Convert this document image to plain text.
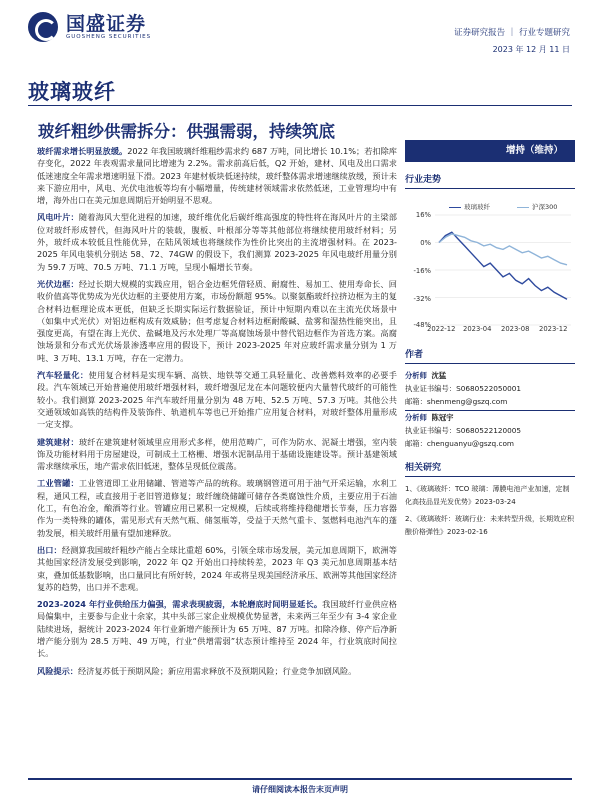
国盛证券
GUOSHENG SECURITIES	证券研究报告 ｜ 行业专题研究
2023 年 12 月 11 日
玻璃玻纤
玻纤粗纱供需拆分：供强需弱，持续筑底

玻纤需求增长明显放缓。2022 年我国玻璃纤维粗纱需求约 687 万吨，同比增长 10.1%；若扣除库存变化，2022 年表观需求量同比增速为 2.2%。需求前高后低，Q2 开始，建材、风电及出口需求低迷速度全年需求增速明显下滑。2023 年建材板块低迷持续，玻纤整体需求增速继续放缓，预计未来下游应用中，风电、光伏电池板等均有小幅增量，传统建材领域需求依然低迷，工业管理均中有增，海外出口在美元加息周期后开始明显不思观。

风电叶片：随着海风大型化进程的加速，玻纤维优化后碳纤维高强度的特性将在海风叶片的主梁部位对玻纤形成替代，但海风叶片的装载，腹板、叶根部分等等其他部位将继续使用玻纤材料；另外，玻纤成本较低且性能优异，在陆风领域也将继续作为性价比突出的主流增强材料。在 2023-2025 年风电装机分别达 58、72、74GW 的假设下，我们测算 2023-2025 年风电玻纤用量分别为 59.7 万吨、70.5 万吨、71.1 万吨，呈现小幅增长节奏。

光伏边框：经过长期大规模的实践应用，铝合金边框凭借轻质、耐腐性、易加工、使用寿命长、回收价值高等优势成为光伏边框的主要使用方案，市场份额超 95%。以聚氨酯玻纤拉挤边框为主的复合材料边框理论成本更低，但缺乏长期实际运行数据验证，预计中短期内难以在主流光伏场景中（如集中式光伏）对铝边框构成有效威胁；但考虑复合材料边框耐酸碱、盐雾和湿热性能突出，且强度更高，有望在海上光伏、盐碱地及污水处理厂等高腐蚀场景中替代铝边框作为首选方案。高腐蚀场景和分布式光伏场景渗透率应用的假设下，预计 2023-2025 年对应玻纤需求量分别为 1 万吨、3 万吨、13.1 万吨，存在一定潜力。

汽车轻量化：使用复合材料是实现车辆、高铁、地铁等交通工具轻量化、改善燃料效率的必要手段。汽车领域已开始普遍使用玻纤增强材料，玻纤增强尼龙在本问题较便内大量替代玻纤的可能性较小。我们测算 2023-2025 年汽车玻纤用量分别为 48 万吨、52.5 万吨、57.3 万吨。其他公共交通领域如高铁的结构件及装饰件、轨道机车等也已开始推广应用复合材料，对玻纤整体用量形成一定支撑。

建筑建材：玻纤在建筑建材领域里应用形式多样，使用范畴广，可作为防水、泥凝土增强，室内装饰及功能材料用于房屋建设，可制成土工格栅、增强水泥制品用于基础设施建设等。预计基建领域需求继续承压，地产需求依旧低迷，整体呈现低位震荡。

工业管罐：工业管道即工业用储罐、管道等产品的统称。玻璃钢管道可用于油气开采运输，水利工程，通风工程，或直接用于老旧管道修复；玻纤缠绕储罐可储存各类腐蚀性介质，主要应用于石油化工，有色冶金，酿酒等行业。管罐应用已累积一定规模，后续或将维持稳健增长节奏，压力容器作为一类特殊的罐体，需见形式有天然气瓶、储氢瓶等，受益于天然气重卡、氢燃料电池汽车的蓬勃发展，相关玻纤用量有望加速释放。

出口：经测算我国玻纤粗纱产能占全球比重超 60%，引领全球市场发展，美元加息周期下，欧洲等其他国家经济发展受到影响，2022 年 Q2 开始出口持续转差，2023 年 Q3 美元加息周期基本结束，叠加低基数影响，出口量同比有所好转，2024 年或将呈现美国经济承压、欧洲等其他国家经济复苏的趋势，出口并不悲观。

2023-2024 年行业供给压力偏强，需求表现疲弱，本轮磨底时间明显延长。我国玻纤行业供应格局偏集中，主要参与企业十余家，其中头部三家企业规模优势显著，未来两三年至少有 3-4 家企业陆续进场，据统计 2023-2024 年行业新增产能预计为 65 万吨、87 万吨。扣除冷修、停产后净新增产能分别为 28.5 万吨、49 万吨，行业“供增需弱”状态预计维持至 2024 年，行业筑底时间拉长。

风险提示：经济复苏低于预期风险；新应用需求释放不及预期风险；行业竞争加剧风险。

增持（维持）
行业走势
玻璃玻纤	沪深300
16%
0%
-16%
-32%
-48%
2022-12 2023-04 2023-08 2023-12
作者
分析师 沈猛
执业证书编号：S0680522050001
邮箱：shenmeng@gszq.com
分析师 陈冠宇
执业证书编号：S0680522120005
邮箱：chenguanyu@gszq.com
相关研究
1、《玻璃玻纤：TCO 玻璃：薄膜电池产业加速，定制化高技品显光发优势》2023-03-24
2、《玻璃玻纤：玻璃行业：未来转型升级，长期效应积酿价格弹性》2023-02-16
请仔细阅读本报告末页声明
